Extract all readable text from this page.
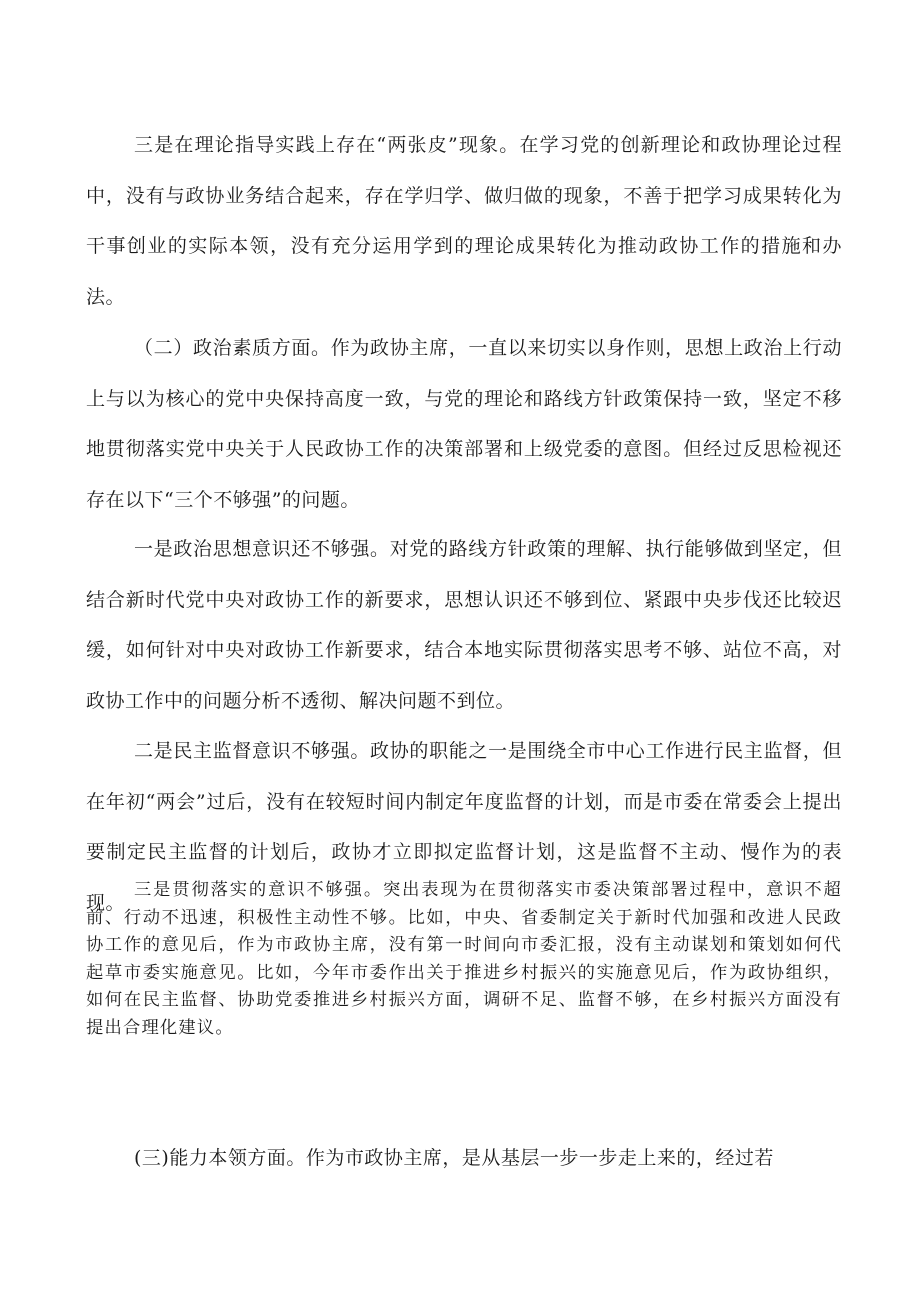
三是在理论指导实践上存在“两张皮”现象。在学习党的创新理论和政协理论过程中，没有与政协业务结合起来，存在学归学、做归做的现象，不善于把学习成果转化为干事创业的实际本领，没有充分运用学到的理论成果转化为推动政协工作的措施和办法。

（二）政治素质方面。作为政协主席，一直以来切实以身作则，思想上政治上行动上与以为核心的党中央保持高度一致，与党的理论和路线方针政策保持一致，坚定不移地贯彻落实党中央关于人民政协工作的决策部署和上级党委的意图。但经过反思检视还存在以下“三个不够强”的问题。

一是政治思想意识还不够强。对党的路线方针政策的理解、执行能够做到坚定，但结合新时代党中央对政协工作的新要求，思想认识还不够到位、紧跟中央步伐还比较迟缓，如何针对中央对政协工作新要求，结合本地实际贯彻落实思考不够、站位不高，对政协工作中的问题分析不透彻、解决问题不到位。

二是民主监督意识不够强。政协的职能之一是围绕全市中心工作进行民主监督，但在年初“两会”过后，没有在较短时间内制定年度监督的计划，而是市委在常委会上提出要制定民主监督的计划后，政协才立即拟定监督计划，这是监督不主动、慢作为的表现。

三是贯彻落实的意识不够强。突出表现为在贯彻落实市委决策部署过程中，意识不超前、行动不迅速，积极性主动性不够。比如，中央、省委制定关于新时代加强和改进人民政协工作的意见后，作为市政协主席，没有第一时间向市委汇报，没有主动谋划和策划如何代起草市委实施意见。比如，今年市委作出关于推进乡村振兴的实施意见后，作为政协组织，如何在民主监督、协助党委推进乡村振兴方面，调研不足、监督不够，在乡村振兴方面没有提出合理化建议。

(三)能力本领方面。作为市政协主席，是从基层一步一步走上来的，经过若
